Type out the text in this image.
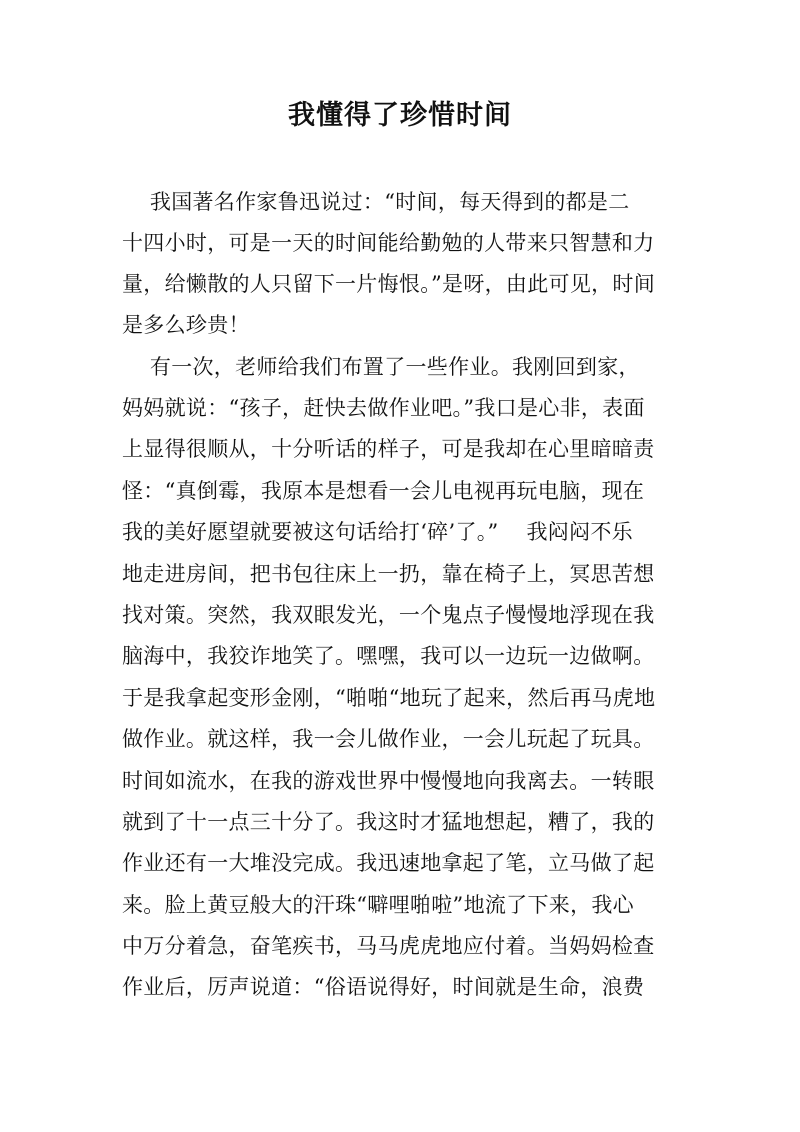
我懂得了珍惜时间
我国著名作家鲁迅说过：“时间，每天得到的都是二
十四小时，可是一天的时间能给勤勉的人带来只智慧和力
量，给懒散的人只留下一片悔恨。”是呀，由此可见，时间
是多么珍贵！
有一次，老师给我们布置了一些作业。我刚回到家，
妈妈就说：“孩子，赶快去做作业吧。”我口是心非，表面
上显得很顺从，十分听话的样子，可是我却在心里暗暗责
怪：“真倒霉，我原本是想看一会儿电视再玩电脑，现在
我的美好愿望就要被这句话给打‘碎’了。”    我闷闷不乐
地走进房间，把书包往床上一扔，靠在椅子上，冥思苦想
找对策。突然，我双眼发光，一个鬼点子慢慢地浮现在我
脑海中，我狡诈地笑了。嘿嘿，我可以一边玩一边做啊。
于是我拿起变形金刚，“啪啪“地玩了起来，然后再马虎地
做作业。就这样，我一会儿做作业，一会儿玩起了玩具。
时间如流水，在我的游戏世界中慢慢地向我离去。一转眼
就到了十一点三十分了。我这时才猛地想起，糟了，我的
作业还有一大堆没完成。我迅速地拿起了笔，立马做了起
来。脸上黄豆般大的汗珠“噼哩啪啦”地流了下来，我心
中万分着急，奋笔疾书，马马虎虎地应付着。当妈妈检查
作业后，厉声说道：“俗语说得好，时间就是生命，浪费
